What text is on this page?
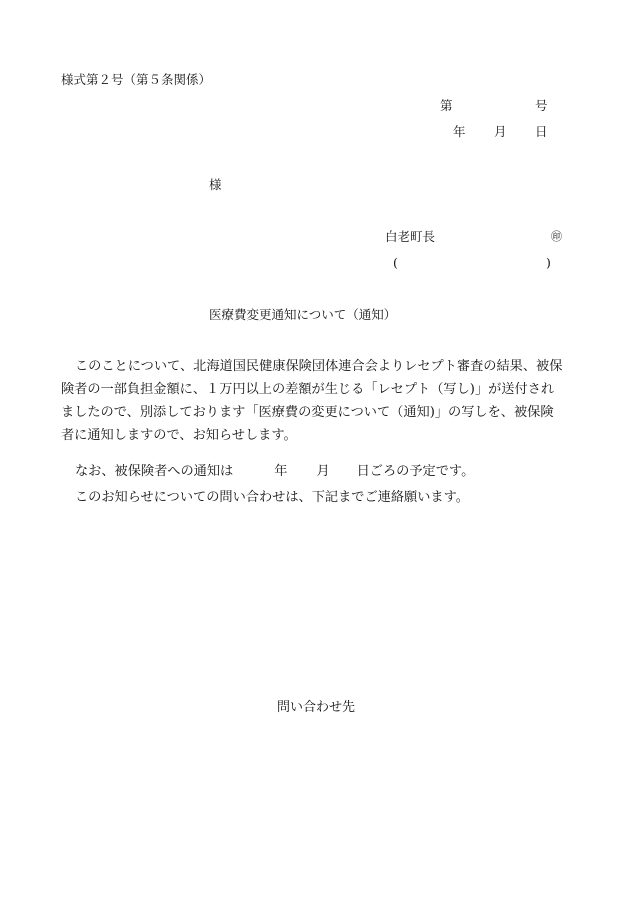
様式第２号（第５条関係）
第	号
年 月 日
様
白老町長	㊞
(	)
医療費変更通知について（通知）
このことについて、北海道国民健康保険団体連合会よりレセプト審査の結果、被保
険者の一部負担金額に、１万円以上の差額が生じる「レセプト（写し)」が送付され
ましたので、別添しております「医療費の変更について（通知)」の写しを、被保険
者に通知しますので、お知らせします。
なお、被保険者への通知は	年 月 日ごろの予定です。
このお知らせについての問い合わせは、下記までご連絡願います。
問い合わせ先
